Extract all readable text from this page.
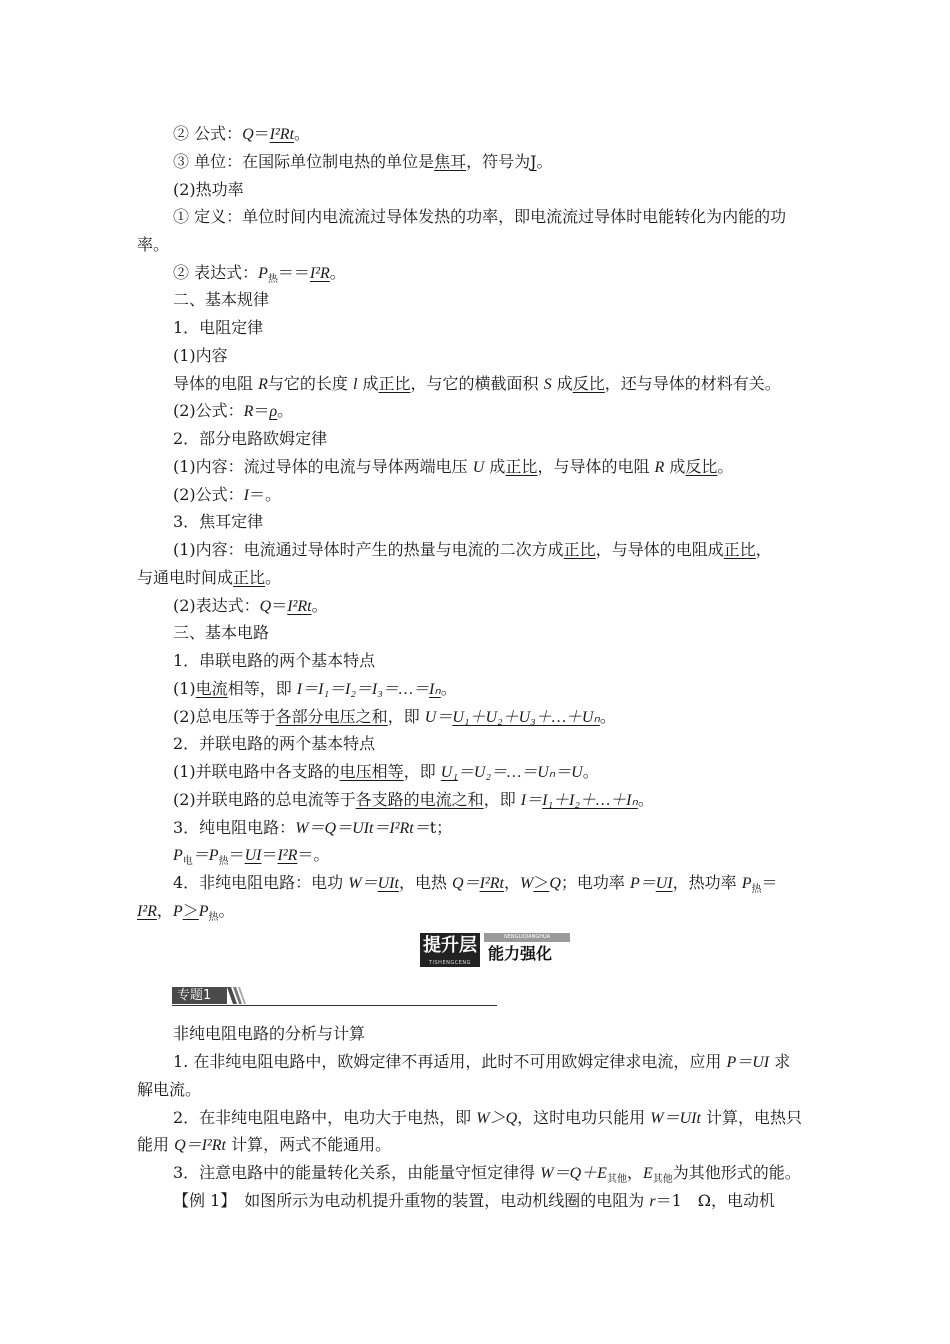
② 公式：Q＝I²Rt。
③ 单位：在国际单位制电热的单位是焦耳，符号为J。
(2)热功率
① 定义：单位时间内电流流过导体发热的功率，即电流流过导体时电能转化为内能的功
率。
② 表达式：$P_热==I^2R$。
二、基本规律
1．电阻定律
(1)内容
导体的电阻 R与它的长度 l 成正比，与它的横截面积 S 成反比，还与导体的材料有关。
(2)公式：R＝ρ。
2．部分电路欧姆定律
(1)内容：流过导体的电流与导体两端电压 U 成正比，与导体的电阻 R 成反比。
(2)公式：I＝。
3．焦耳定律
(1)内容：电流通过导体时产生的热量与电流的二次方成正比，与导体的电阻成正比，
与通电时间成正比。
(2)表达式：Q＝I²Rt。
三、基本电路
1．串联电路的两个基本特点
(1)电流相等，即 I＝I₁＝I₂＝I₃＝…＝Iₙ。
(2)总电压等于各部分电压之和，即 U＝U₁＋U₂＋U₃＋…＋Uₙ。
2．并联电路的两个基本特点
(1)并联电路中各支路的电压相等，即 U₁＝U₂＝…＝Uₙ＝U。
(2)并联电路的总电流等于各支路的电流之和，即 I＝I₁＋I₂＋…＋Iₙ。
3．纯电阻电路：W＝Q＝UIt＝I²Rt＝t；
$P_电=P_热=UI=I^2R=$。
4．非纯电阻电路：电功 W＝UIt，电热 Q＝I²Rt，W＞Q；电功率 P＝UI，热功率 $P_热=$
I²R，$P>P_热$。
提升层
TISHENGCENG
NENGLIQIANGHUA
能力强化
专题1
非纯电阻电路的分析与计算
1. 在非纯电阻电路中，欧姆定律不再适用，此时不可用欧姆定律求电流，应用 P＝UI 求
解电流。
2．在非纯电阻电路中，电功大于电热，即 W＞Q，这时电功只能用 W＝UIt 计算，电热只
能用 Q＝I²Rt 计算，两式不能通用。
3．注意电路中的能量转化关系，由能量守恒定律得 $W=Q+E_{其他}$，$E_{其他}$为其他形式的能。
【例 1】　如图所示为电动机提升重物的装置，电动机线圈的电阻为 r＝1　Ω，电动机
